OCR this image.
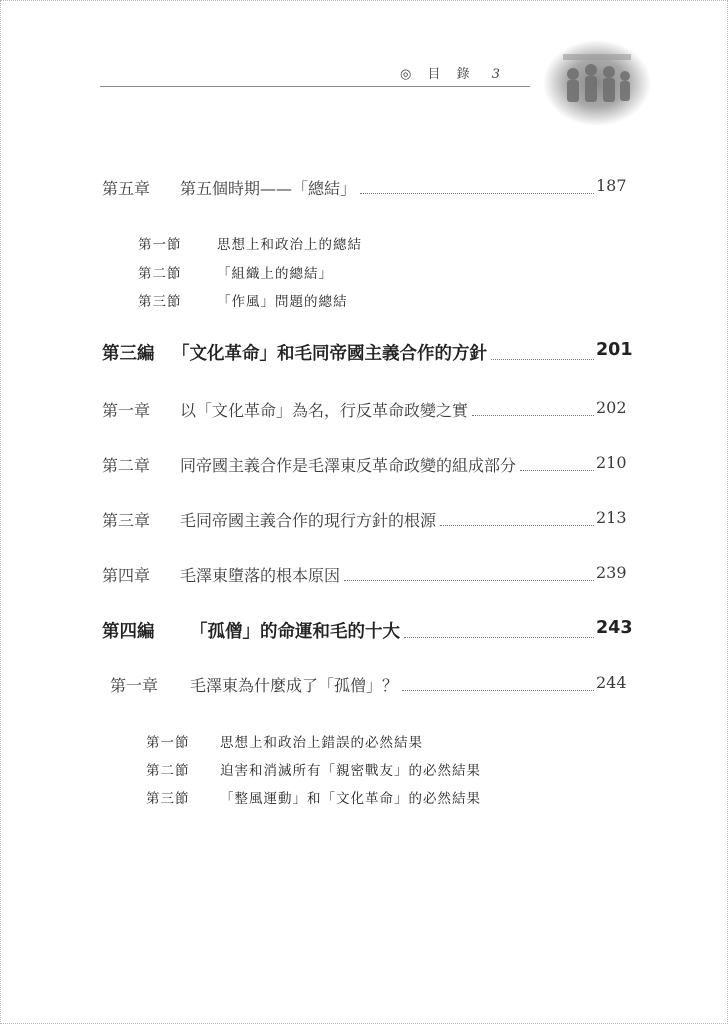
◎ 目 錄 3
第五章 第五個時期——「總結」	187
第一節	思想上和政治上的總結
第二節	「組織上的總結」
第三節	「作風」問題的總結
第三編 「文化革命」和毛同帝國主義合作的方針	201
第一章 以「文化革命」為名，行反革命政變之實	202
第二章 同帝國主義合作是毛澤東反革命政變的組成部分	210
第三章 毛同帝國主義合作的現行方針的根源	213
第四章 毛澤東墮落的根本原因	239
第四編 「孤僧」的命運和毛的十大	243
第一章 毛澤東為什麼成了「孤僧」？	244
第一節 思想上和政治上錯誤的必然結果
第二節 迫害和消滅所有「親密戰友」的必然結果
第三節 「整風運動」和「文化革命」的必然結果
